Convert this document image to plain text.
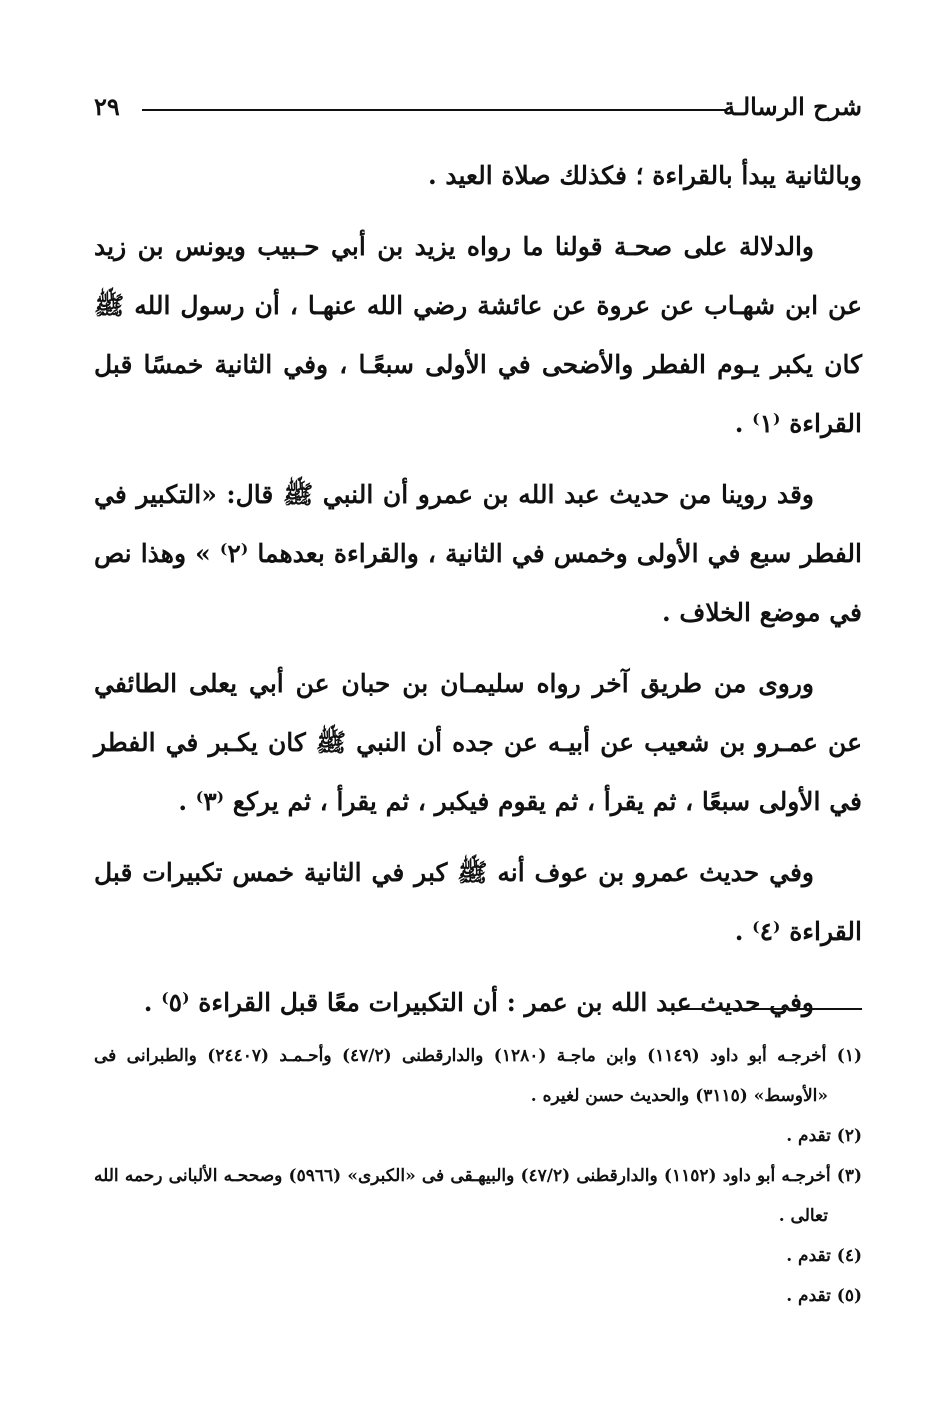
شرح الرسالـة
٢٩

وبالثانية يبدأ بالقراءة ؛ فكذلك صلاة العيد .

والدلالة على صحـة قولنا ما رواه يزيد بن أبي حـبيب ويونس بن زيد عن ابن شهـاب عن عروة عن عائشة رضي الله عنهـا ، أن رسول الله ﷺ كان يكبر يـوم الفطر والأضحى في الأولى سبعًـا ، وفي الثانية خمسًا قبل القراءة ⁽١⁾ .

وقد روينا من حديث عبد الله بن عمرو أن النبي ﷺ قال: «التكبير في الفطر سبع في الأولى وخمس في الثانية ، والقراءة بعدهما ⁽٢⁾ » وهذا نص في موضع الخلاف .

وروى من طريق آخر رواه سليمـان بن حبان عن أبي يعلى الطائفي عن عمـرو بن شعيب عن أبيـه عن جده أن النبي ﷺ كان يكـبر في الفطر في الأولى سبعًا ، ثم يقرأ ، ثم يقوم فيكبر ، ثم يقرأ ، ثم يركع ⁽٣⁾ .

وفي حديث عمرو بن عوف أنه ﷺ كبر في الثانية خمس تكبيرات قبل القراءة ⁽٤⁾ .

وفي حديث عبد الله بن عمر : أن التكبيرات معًا قبل القراءة ⁽٥⁾ .

(١) أخرجـه أبو داود (١١٤٩) وابن ماجـة (١٢٨٠) والدارقطنى (٤٧/٢) وأحـمـد (٢٤٤٠٧) والطبرانى فى «الأوسط» (٣١١٥) والحديث حسن لغيره .

(٢) تقدم .

(٣) أخرجـه أبو داود (١١٥٢) والدارقطنى (٤٧/٢) والبيهـقى فى «الكبرى» (٥٩٦٦) وصححـه الألبانى رحمه الله تعالى .

(٤) تقدم .

(٥) تقدم .
